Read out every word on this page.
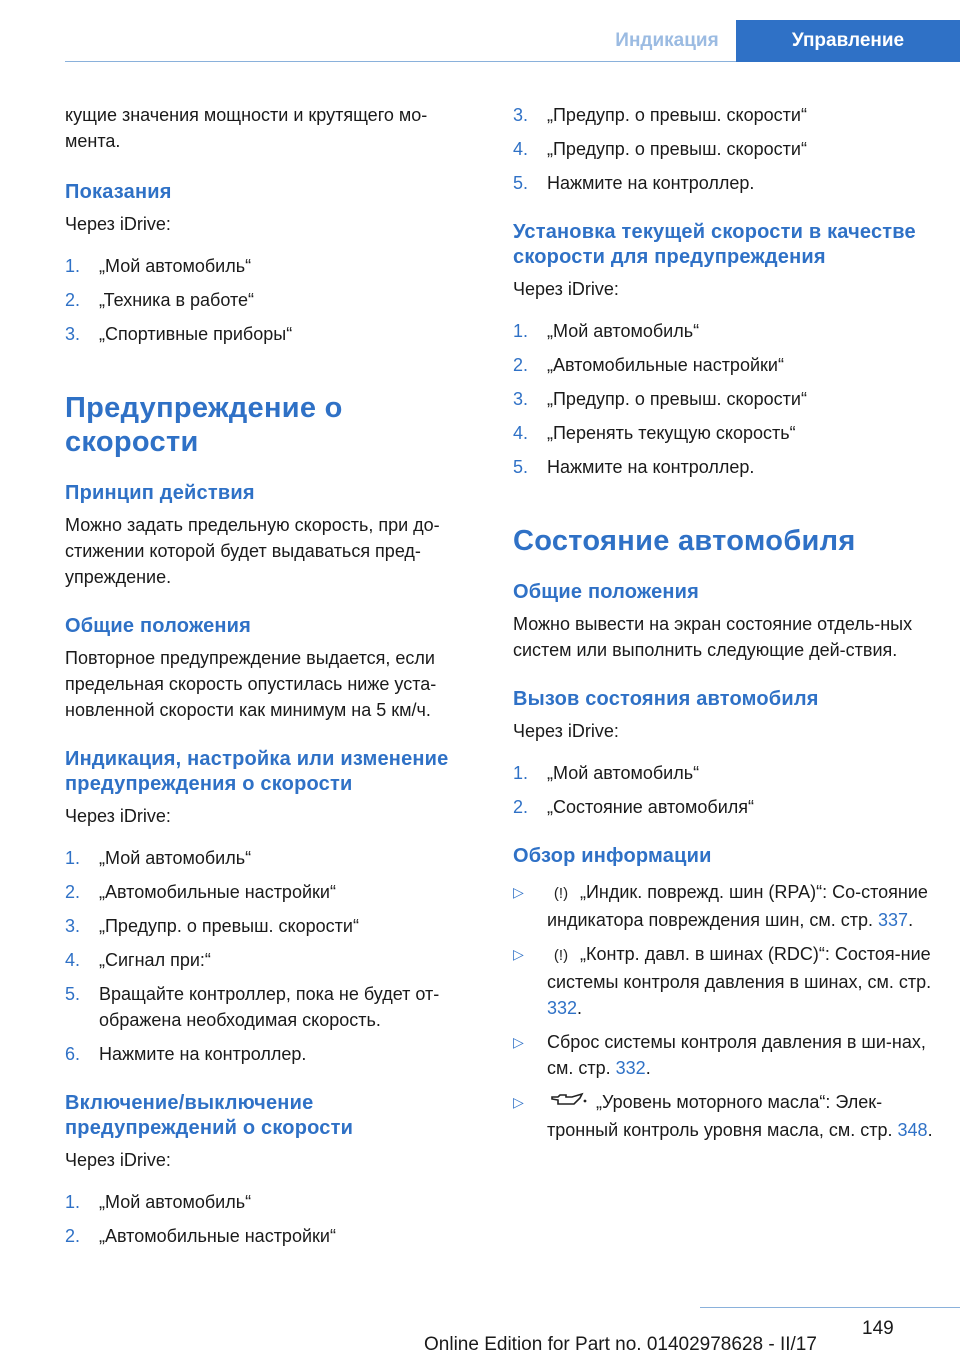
Индикация	Управление

кущие значения мощности и крутящего мо-мента.

Показания

Через iDrive:

1.	„Мой автомобиль“
2.	„Техника в работе“
3.	„Спортивные приборы“
Предупреждение о скорости
Принцип действия

Можно задать предельную скорость, при до-стижении которой будет выдаваться пред-упреждение.

Общие положения

Повторное предупреждение выдается, если предельная скорость опустилась ниже уста-новленной скорости как минимум на 5 км/ч.

Индикация, настройка или изменение предупреждения о скорости

Через iDrive:

1.	„Мой автомобиль“
2.	„Автомобильные настройки“
3.	„Предупр. о превыш. скорости“
4.	„Сигнал при:“
5.	Вращайте контроллер, пока не будет от-ображена необходимая скорость.
6.	Нажмите на контроллер.
Включение/выключение предупреждений о скорости

Через iDrive:

1.	„Мой автомобиль“
2.	„Автомобильные настройки“
3.	„Предупр. о превыш. скорости“
4.	„Предупр. о превыш. скорости“
5.	Нажмите на контроллер.
Установка текущей скорости в качестве скорости для предупреждения

Через iDrive:

1.	„Мой автомобиль“
2.	„Автомобильные настройки“
3.	„Предупр. о превыш. скорости“
4.	„Перенять текущую скорость“
5.	Нажмите на контроллер.
Состояние автомобиля
Общие положения

Можно вывести на экран состояние отдель-ных систем или выполнить следующие дей-ствия.

Вызов состояния автомобиля

Через iDrive:

1.	„Мой автомобиль“
2.	„Состояние автомобиля“
Обзор информации
▷	(!) „Индик. поврежд. шин (RPA)“: Со-стояние индикатора повреждения шин, см. стр. 337.
▷	(!) „Контр. давл. в шинах (RDC)“: Состоя-ние системы контроля давления в шинах, см. стр. 332.
▷	Сброс системы контроля давления в ши-нах, см. стр. 332.
▷	„Уровень моторного масла“: Элек-тронный контроль уровня масла, см. стр. 348.
149
Online Edition for Part no. 01402978628 - II/17
